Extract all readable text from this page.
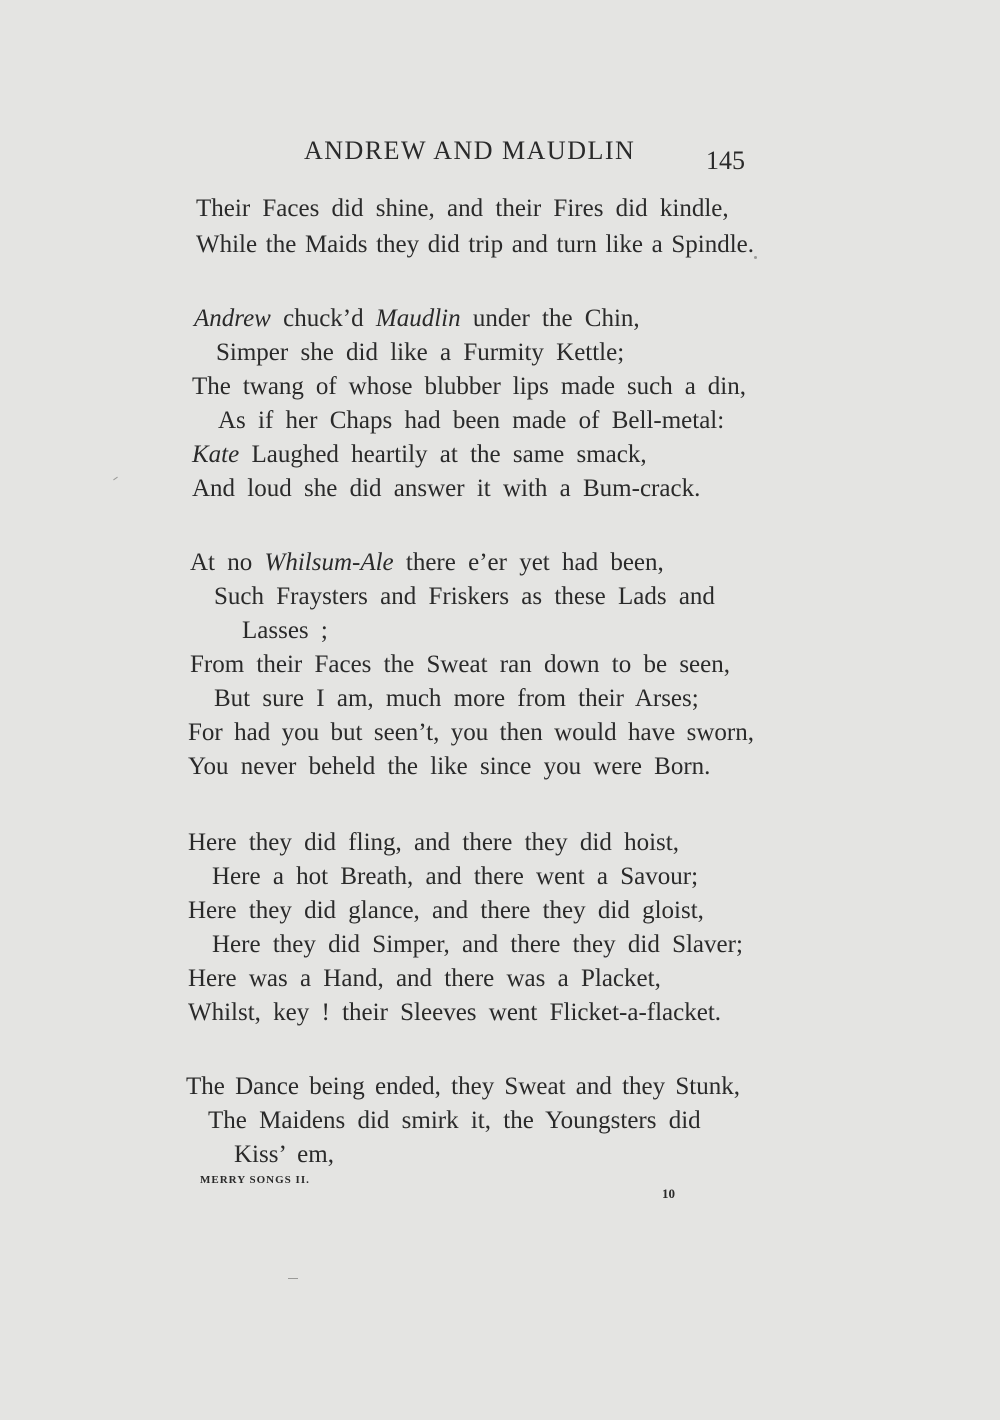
ANDREW AND MAUDLIN	145
Their Faces did shine, and their Fires did kindle,
While the Maids they did trip and turn like a Spindle.
Andrew chuck’d Maudlin under the Chin,
Simper she did like a Furmity Kettle;
The twang of whose blubber lips made such a din,
As if her Chaps had been made of Bell-metal:
Kate Laughed heartily at the same smack,
And loud she did answer it with a Bum-crack.
At no Whilsum-Ale there e’er yet had been,
Such Fraysters and Friskers as these Lads and
Lasses ;
From their Faces the Sweat ran down to be seen,
But sure I am, much more from their Arses;
For had you but seen’t, you then would have sworn,
You never beheld the like since you were Born.
Here they did fling, and there they did hoist,
Here a hot Breath, and there went a Savour;
Here they did glance, and there they did gloist,
Here they did Simper, and there they did Slaver;
Here was a Hand, and there was a Placket,
Whilst, key ! their Sleeves went Flicket-a-flacket.
The Dance being ended, they Sweat and they Stunk,
The Maidens did smirk it, the Youngsters did
Kiss’ em,
MERRY SONGS II.
10
